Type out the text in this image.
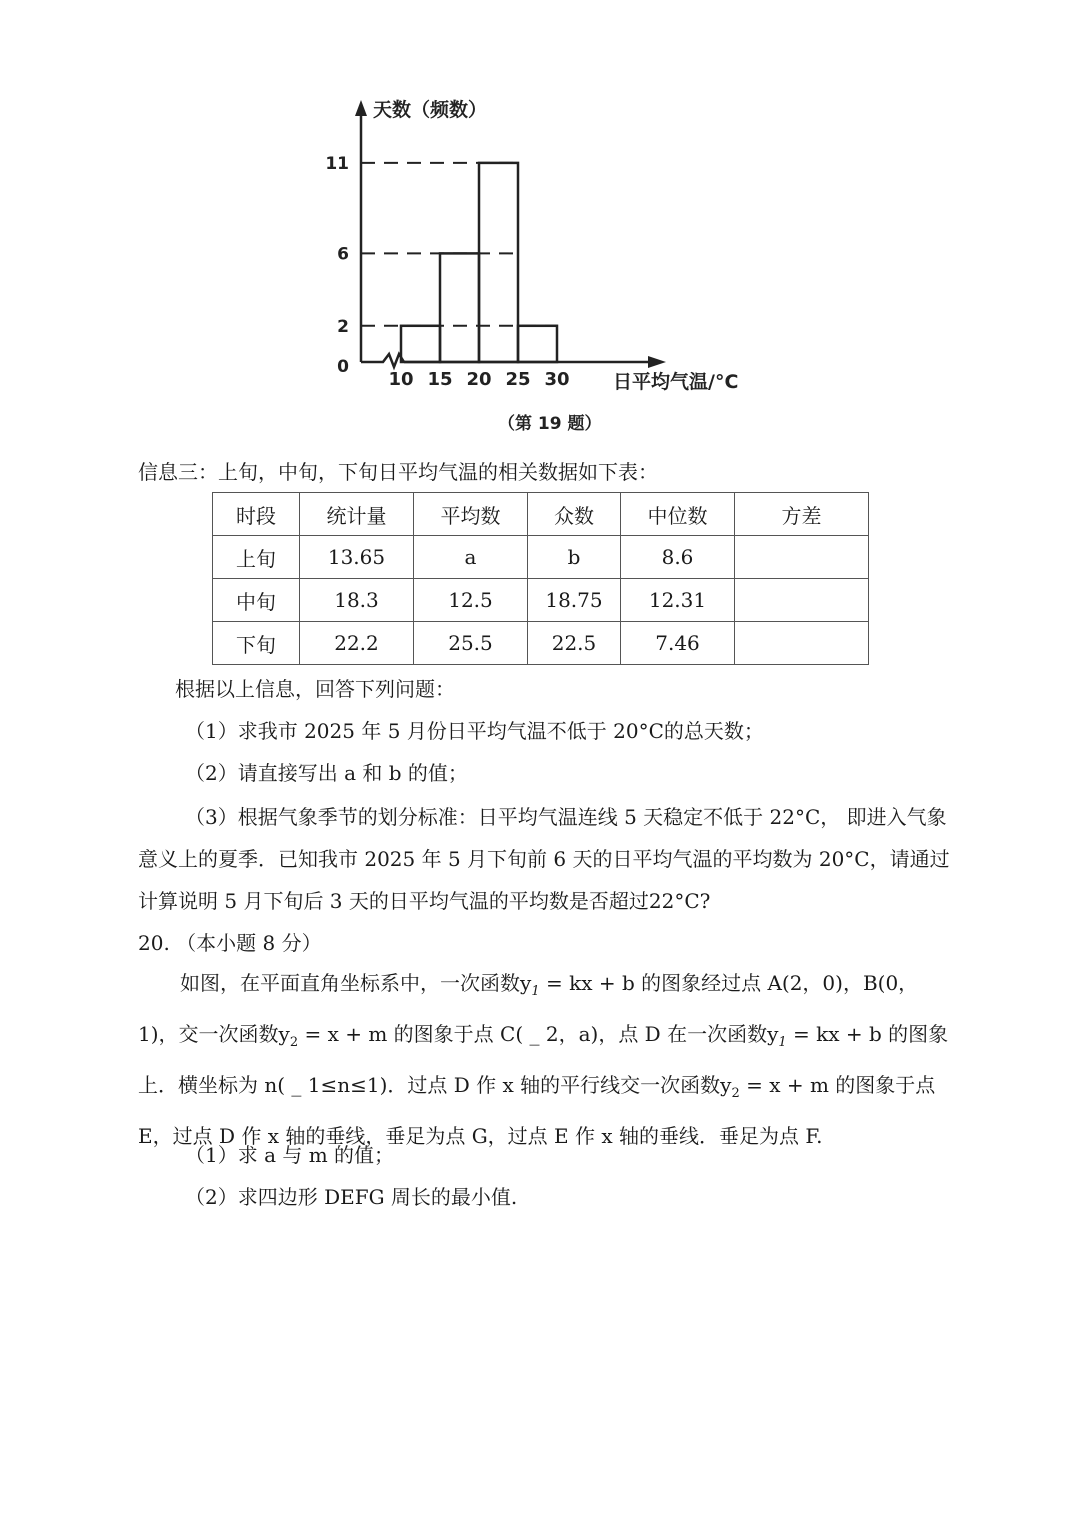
0
2
6
11
10 15 20 25 30
天数（频数）
日平均气温/°C
（第 19 题）
信息三：上旬，中旬，下旬日平均气温的相关数据如下表：
时段	统计量	平均数	众数	中位数	方差
上旬	13.65	a	b	8.6	
中旬	18.3	12.5	18.75	12.31	
下旬	22.2	25.5	22.5	7.46	
根据以上信息，回答下列问题：
（1）求我市 2025 年 5 月份日平均气温不低于 20°C的总天数；
（2）请直接写出 a 和 b 的值；

（3）根据气象季节的划分标准：日平均气温连线 5 天稳定不低于 22°C， 即进入气象意义上的夏季．已知我市 2025 年 5 月下旬前 6 天的日平均气温的平均数为 20°C，请通过计算说明 5 月下旬后 3 天的日平均气温的平均数是否超过22°C?

20. （本小题 8 分）

如图，在平面直角坐标系中，一次函数$y_1$ = kx + b 的图象经过点 A(2，0)，B(0，1)，交一次函数$y_2 = x + m$ 的图象于点 C( _ 2，a)，点 D 在一次函数$y_1$ = kx + b 的图象上．横坐标为 n( _ 1≤n≤1)．过点 D 作 x 轴的平行线交一次函数$y_2 = x + m$ 的图象于点 E，过点 D 作 x 轴的垂线，垂足为点 G，过点 E 作 x 轴的垂线．垂足为点 F.

（1）求 a 与 m 的值；
（2）求四边形 DEFG 周长的最小值.
